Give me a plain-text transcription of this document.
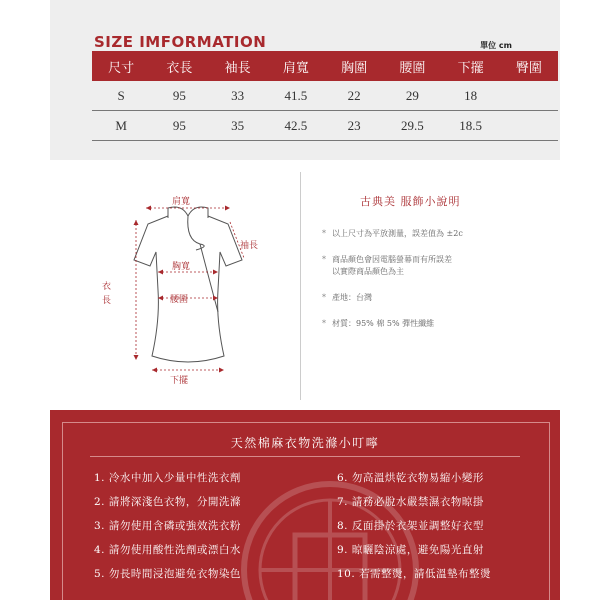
SIZE IMFORMATION	單位 cm
尺寸	衣長	袖長	肩寬	胸圍	腰圍	下擺	臀圍
S	95	33	41.5	22	29	18	
M	95	35	42.5	23	29.5	18.5	
肩寬
袖長
胸寬
腰圍
衣長
下擺
古典美 服飾小說明
* 以上尺寸為平放測量，誤差值為 ±2c
* 商品顏色會因電腦螢幕而有所誤差
以實際商品顏色為主
* 產地：台灣
* 材質：95% 棉 5% 彈性纖維
天然棉麻衣物洗滌小叮嚀
1. 冷水中加入少量中性洗衣劑
2. 請將深淺色衣物，分開洗滌
3. 請勿使用含磷或強效洗衣粉
4. 請勿使用酸性洗劑或漂白水
5. 勿長時間浸泡避免衣物染色
6. 勿高溫烘乾衣物易縮小變形
7. 請務必脫水嚴禁濕衣物晾掛
8. 反面掛於衣架並調整好衣型
9. 晾曬陰涼處，避免陽光直射
10. 若需整燙，請低溫墊布整燙
